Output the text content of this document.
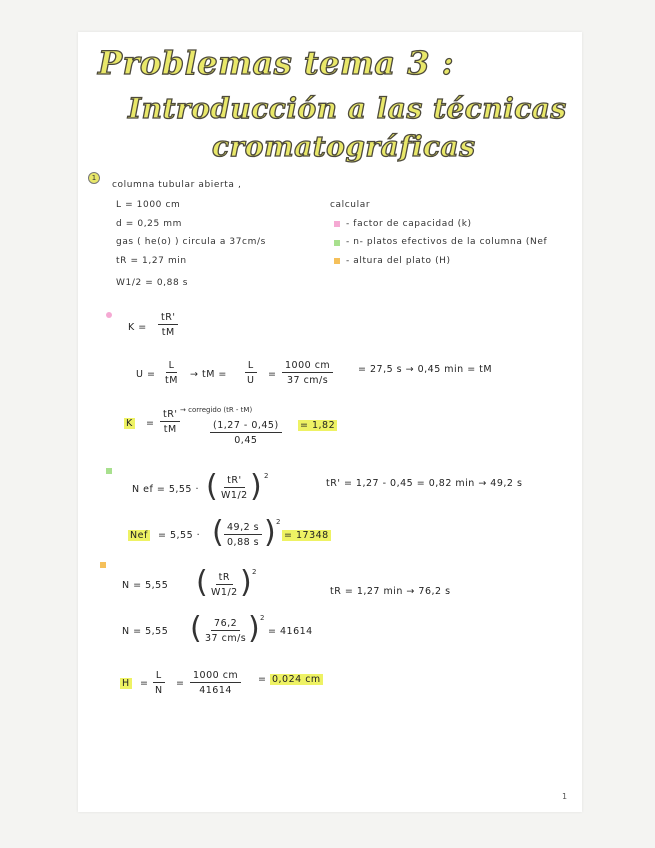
Problemas tema 3 :
Introducción a las técnicas
cromatográficas
1
columna tubular abierta ,
L = 1000 cm
d = 0,25 mm
gas ( he(o) ) circula a 37cm/s
tR = 1,27 min
W1/2 = 0,88 s
calcular
- factor de capacidad (k)
- n- platos efectivos de la columna (Nef
- altura del plato (H)
$K = \frac{tR'}{tM}$
$U = \frac{L}{tM}$ → tM = $\frac{L}{U} = \frac{1000 cm}{37 cm/s}$	= 27,5 s → 0,45 min = tM
$K = \frac{tR'}{tM}$ → corregido (tR - tM)
$\frac{(1,27 - 0,45)}{0,45} = 1,82$
N ef = 5,55 · ( $\frac{tR'}{W1/2}$ ) 2
tR' = 1,27 - 0,45 = 0,82 min → 49,2 s
Nef = 5,55 · ( $\frac{49,2 s}{0,88 s}$ ) 2
= 17348
N = 5,55 ( $\frac{tR}{W1/2}$ ) 2
tR = 1,27 min → 76,2 s
N = 5,55 ( $\frac{76,2}{37 cm/s}$
) 2
= 41614
$H = \frac{L}{N} = \frac{1000 cm}{41614} = 0,024$ cm
1
